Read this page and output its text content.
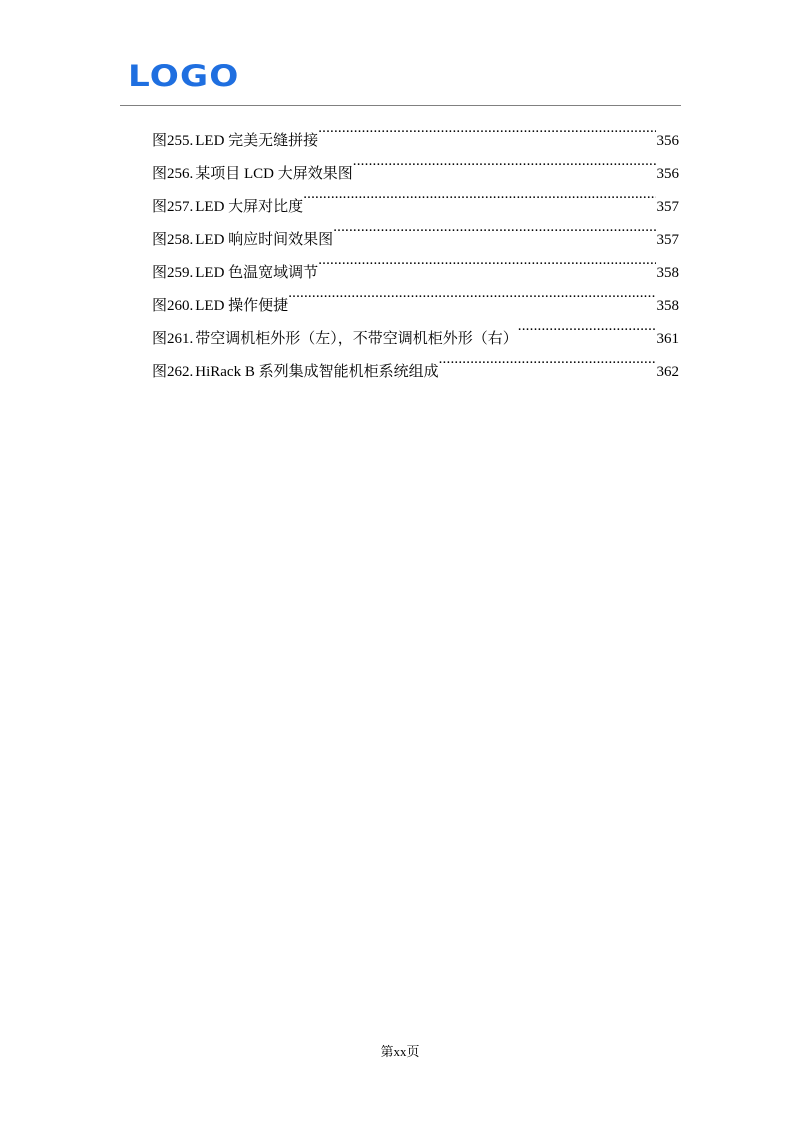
LOGO
图255. LED 完美无缝拼接 .....	356
图256. 某项目 LCD 大屏效果图 .....	356
图257. LED 大屏对比度 .....	357
图258. LED 响应时间效果图 .....	357
图259. LED 色温宽域调节 .....	358
图260. LED 操作便捷 .....	358
图261. 带空调机柜外形（左），不带空调机柜外形（右） .....	361
图262. HiRack B 系列集成智能机柜系统组成 .....	362
第xx页
